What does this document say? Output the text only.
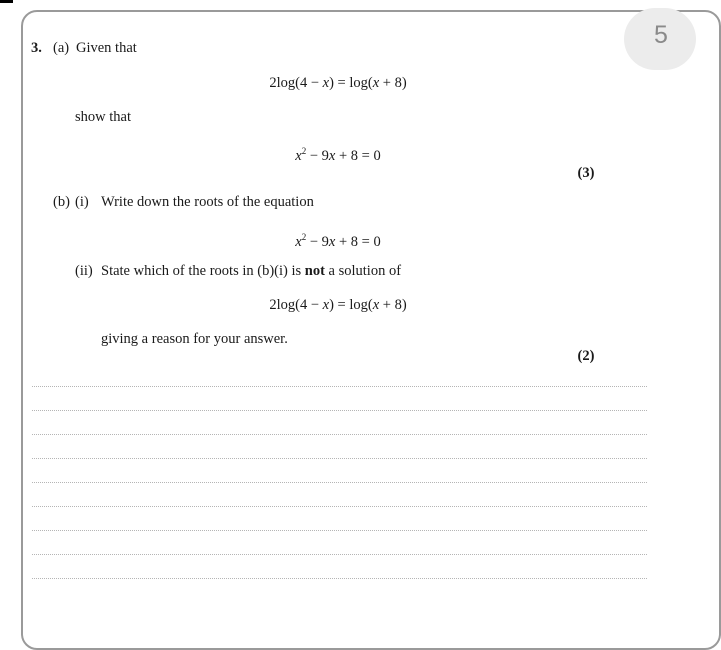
5
3. (a) Given that
2log(4 − x) = log(x + 8)
show that
$x^2 - 9x + 8 = 0$
(3)
(b) (i) Write down the roots of the equation
$x^2 - 9x + 8 = 0$
(ii) State which of the roots in (b)(i) is not a solution of
2log(4 − x) = log(x + 8)
giving a reason for your answer.
(2)
